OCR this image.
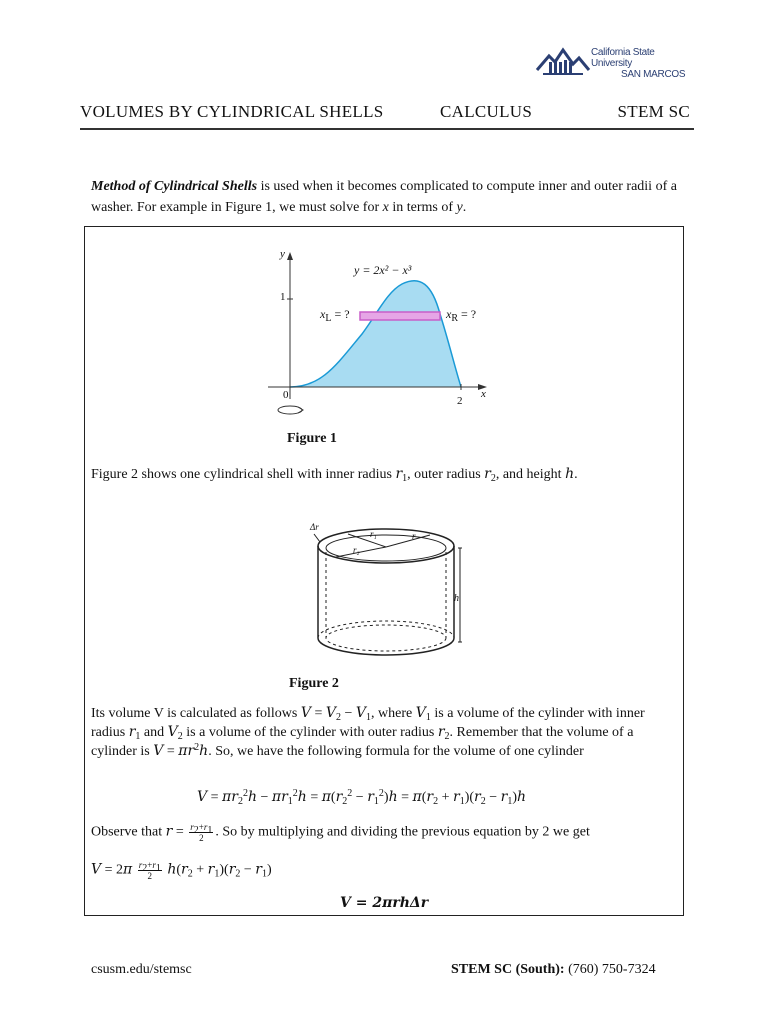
California State University
SAN MARCOS
VOLUMES BY CYLINDRICAL SHELLS	CALCULUS	STEM SC
Method of Cylindrical Shells is used when it becomes complicated to compute inner and outer radii of a washer. For example in Figure 1, we must solve for x in terms of y.
y
x
1
0	2
y = 2x² − x³
$x_L$ = ?	$x_R$ = ?
Figure 1
Figure 2 shows one cylindrical shell with inner radius $r_1$, outer radius $r_2$, and height h.
Δr
r₁	r
r₂
h
Figure 2
Its volume V is calculated as follows $V = V_2 - V_1$, where $V_1$ is a volume of the cylinder with inner radius $r_1$ and $V_2$ is a volume of the cylinder with outer radius $r_2$. Remember that the volume of a cylinder is $V = \pi r^2h$. So, we have the following formula for the volume of one cylinder
$V = \pi r_2^2h - \pi r_1^2h = \pi(r_2^2 - r_1^2)h = \pi(r_2 + r_1)(r_2 - r_1)h$
Observe that $r = \frac{r_2+r_1}{2}$ . So by multiplying and dividing the previous equation by 2 we get
$V = 2\pi \frac{r_2+r_1}{2} h(r_2 + r_1)(r_2 - r_1)$
V = 2πrhΔr
csusm.edu/stemsc	STEM SC (South): (760) 750-7324
